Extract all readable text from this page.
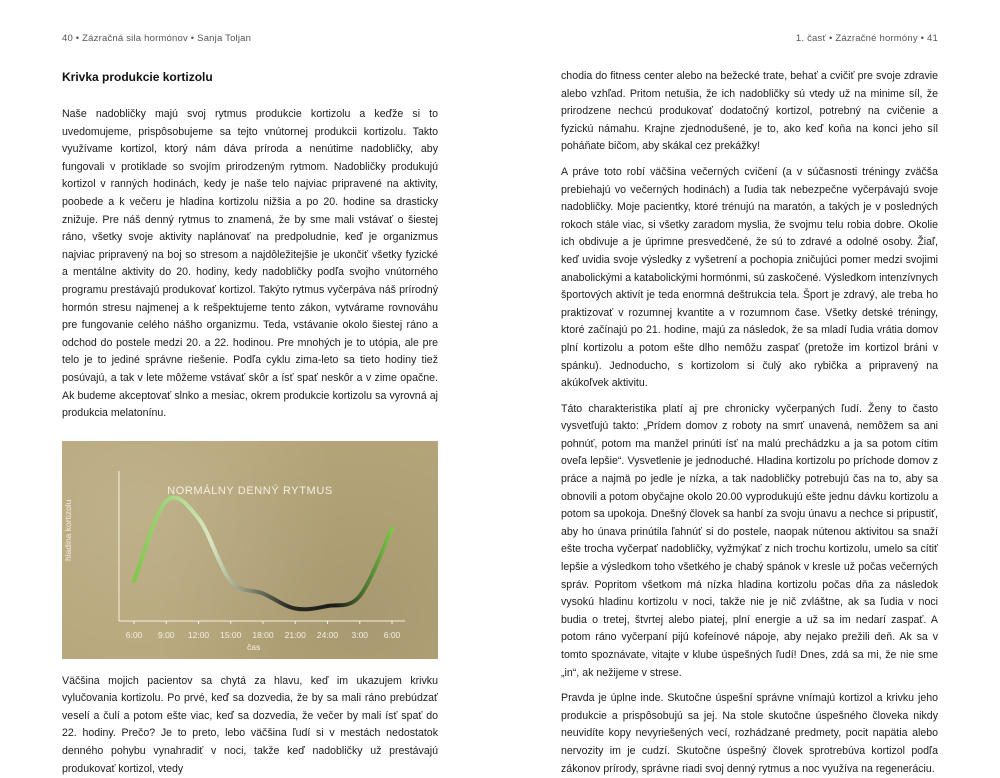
40 • Zázračná sila hormónov • Sanja Toljan	1. časť • Zázračné hormóny • 41
Krivka produkcie kortizolu

Naše nadobličky majú svoj rytmus produkcie kortizolu a keďže si to uvedomujeme, prispôsobujeme sa tejto vnútornej produkcii kortizolu. Takto využívame kortizol, ktorý nám dáva príroda a nenútime nadobličky, aby fungovali v protiklade so svojím prirodzeným rytmom. Nadobličky produkujú kortizol v ranných hodinách, kedy je naše telo najviac pripravené na aktivity, poobede a k večeru je hladina kortizolu nižšia a po 20. hodine sa drasticky znižuje. Pre náš denný rytmus to znamená, že by sme mali vstávať o šiestej ráno, všetky svoje aktivity naplánovať na predpoludnie, keď je organizmus najviac pripravený na boj so stresom a najdôležitejšie je ukončiť všetky fyzické a mentálne aktivity do 20. hodiny, kedy nadobličky podľa svojho vnútorného programu prestávajú produkovať kortizol. Takýto rytmus vyčerpáva náš prírodný hormón stresu najmenej a k rešpektujeme tento zákon, vytvárame rovnováhu pre fungovanie celého nášho organizmu. Teda, vstávanie okolo šiestej ráno a odchod do postele medzi 20. a 22. hodinou. Pre mnohých je to utópia, ale pre telo je to jediné správne riešenie. Podľa cyklu zima-leto sa tieto hodiny tiež posúvajú, a tak v lete môžeme vstávať skôr a ísť spať neskôr a v zime opačne. Ak budeme akceptovať slnko a mesiac, okrem produkcie kortizolu sa vyrovná aj produkcia melatonínu.

NORMÁLNY DENNÝ RYTMUS
hladina kortizolu
6:00 9:00 12:00 15:00 18:00 21:00 24:00 3:00 6:00
čas

Väčšina mojich pacientov sa chytá za hlavu, keď im ukazujem krivku vylučovania kortizolu. Po prvé, keď sa dozvedia, že by sa mali ráno prebúdzať veselí a čulí a potom ešte viac, keď sa dozvedia, že večer by mali ísť spať do 22. hodiny. Prečo? Je to preto, lebo väčšina ľudí si v mestách nedostatok denného pohybu vynahradiť v noci, takže keď nadobličky už prestávajú produkovať kortizol, vtedy

chodia do fitness center alebo na bežecké trate, behať a cvičiť pre svoje zdravie alebo vzhľad. Pritom netušia, že ich nadobličky sú vtedy už na minime síl, že prirodzene nechcú produkovať dodatočný kortizol, potrebný na cvičenie a fyzickú námahu. Krajne zjednodušené, je to, ako keď koňa na konci jeho síl poháňate bičom, aby skákal cez prekážky!

A práve toto robí väčšina večerných cvičení (a v súčasnosti tréningy zväčša prebiehajú vo večerných hodinách) a ľudia tak nebezpečne vyčerpávajú svoje nadobličky. Moje pacientky, ktoré trénujú na maratón, a takých je v posledných rokoch stále viac, si všetky zaradom myslia, že svojmu telu robia dobre. Okolie ich obdivuje a je úprimne presvedčené, že sú to zdravé a odolné osoby. Žiaľ, keď uvidia svoje výsledky z vyšetrení a pochopia zničujúci pomer medzi svojimi anabolickými a katabolickými hormónmi, sú zaskočené. Výsledkom intenzívnych športových aktivít je teda enormná deštrukcia tela. Šport je zdravý, ale treba ho praktizovať v rozumnej kvantite a v rozumnom čase. Všetky detské tréningy, ktoré začínajú po 21. hodine, majú za následok, že sa mladí ľudia vrátia domov plní kortizolu a potom ešte dlho nemôžu zaspať (pretože im kortizol bráni v spánku). Jednoducho, s kortizolom si čulý ako rybička a pripravený na akúkoľvek aktivitu.

Táto charakteristika platí aj pre chronicky vyčerpaných ľudí. Ženy to často vysvetľujú takto: „Prídem domov z roboty na smrť unavená, nemôžem sa ani pohnúť, potom ma manžel prinúti ísť na malú prechádzku a ja sa potom cítim oveľa lepšie“. Vysvetlenie je jednoduché. Hladina kortizolu po príchode domov z práce a najmä po jedle je nízka, a tak nadobličky potrebujú čas na to, aby sa obnovili a potom obyčajne okolo 20.00 vyprodukujú ešte jednu dávku kortizolu a potom sa upokoja. Dnešný človek sa hanbí za svoju únavu a nechce si pripustiť, aby ho únava prinútila ľahnúť si do postele, naopak nútenou aktivitou sa snaží ešte trocha vyčerpať nadobličky, vyžmýkať z nich trochu kortizolu, umelo sa cítiť lepšie a výsledkom toho všetkého je chabý spánok v kresle už počas večerných správ. Popritom všetkom má nízka hladina kortizolu počas dňa za následok vysokú hladinu kortizolu v noci, takže nie je nič zvláštne, ak sa ľudia v noci budia o tretej, štvrtej alebo piatej, plní energie a už sa im nedarí zaspať. A potom ráno vyčerpaní pijú kofeínové nápoje, aby nejako prežili deň. Ak sa v tomto spoznávate, vitajte v klube úspešných ľudí! Dnes, zdá sa mi, že nie sme „in“, ak nežijeme v strese.

Pravda je úplne inde. Skutočne úspešní správne vnímajú kortizol a krivku jeho produkcie a prispôsobujú sa jej. Na stole skutočne úspešného človeka nikdy neuvidíte kopy nevyriešených vecí, rozhádzané predmety, pocit napätia alebo nervozity im je cudzí. Skutočne úspešný človek sprotrebúva kortizol podľa zákonov prírody, správne riadi svoj denný rytmus a noc využíva na regeneráciu.
